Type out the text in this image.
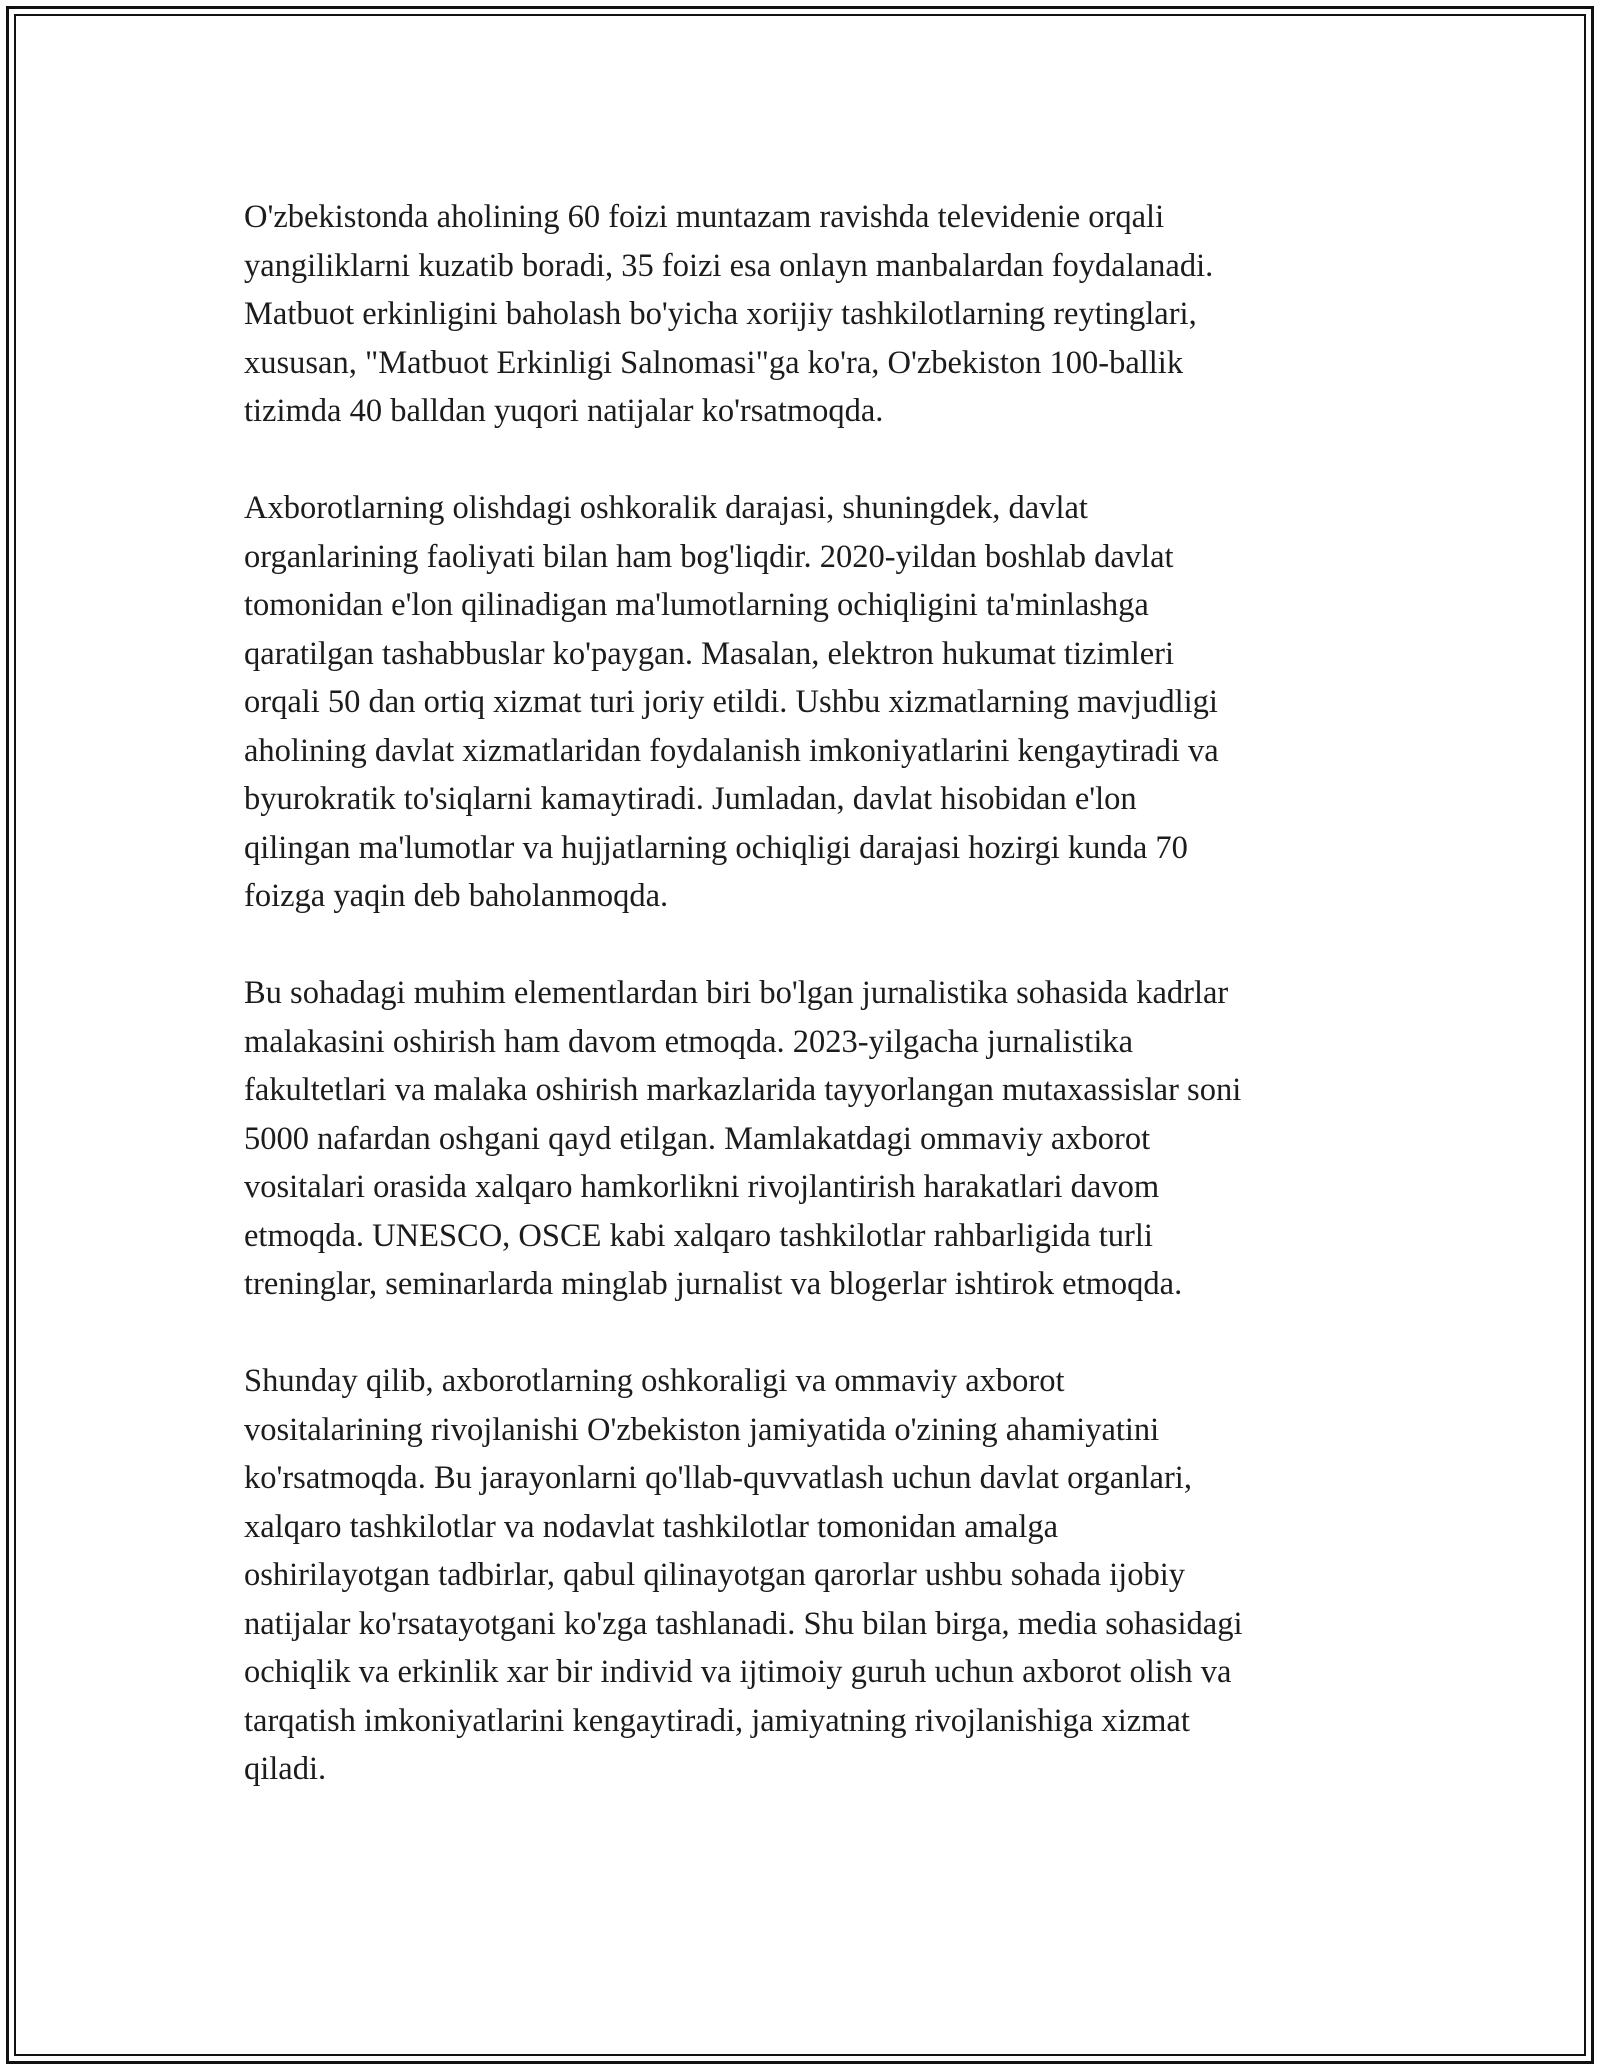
O'zbekistonda aholining 60 foizi muntazam ravishda televidenie orqali
yangiliklarni kuzatib boradi, 35 foizi esa onlayn manbalardan foydalanadi.
Matbuot erkinligini baholash bo'yicha xorijiy tashkilotlarning reytinglari,
xususan, "Matbuot Erkinligi Salnomasi"ga ko'ra, O'zbekiston 100-ballik
tizimda 40 balldan yuqori natijalar ko'rsatmoqda.

Axborotlarning olishdagi oshkoralik darajasi, shuningdek, davlat
organlarining faoliyati bilan ham bog'liqdir. 2020-yildan boshlab davlat
tomonidan e'lon qilinadigan ma'lumotlarning ochiqligini ta'minlashga
qaratilgan tashabbuslar ko'paygan. Masalan, elektron hukumat tizimleri
orqali 50 dan ortiq xizmat turi joriy etildi. Ushbu xizmatlarning mavjudligi
aholining davlat xizmatlaridan foydalanish imkoniyatlarini kengaytiradi va
byurokratik to'siqlarni kamaytiradi. Jumladan, davlat hisobidan e'lon
qilingan ma'lumotlar va hujjatlarning ochiqligi darajasi hozirgi kunda 70
foizga yaqin deb baholanmoqda.

Bu sohadagi muhim elementlardan biri bo'lgan jurnalistika sohasida kadrlar
malakasini oshirish ham davom etmoqda. 2023-yilgacha jurnalistika
fakultetlari va malaka oshirish markazlarida tayyorlangan mutaxassislar soni
5000 nafardan oshgani qayd etilgan. Mamlakatdagi ommaviy axborot
vositalari orasida xalqaro hamkorlikni rivojlantirish harakatlari davom
etmoqda. UNESCO, OSCE kabi xalqaro tashkilotlar rahbarligida turli
treninglar, seminarlarda minglab jurnalist va blogerlar ishtirok etmoqda.

Shunday qilib, axborotlarning oshkoraligi va ommaviy axborot
vositalarining rivojlanishi O'zbekiston jamiyatida o'zining ahamiyatini
ko'rsatmoqda. Bu jarayonlarni qo'llab-quvvatlash uchun davlat organlari,
xalqaro tashkilotlar va nodavlat tashkilotlar tomonidan amalga
oshirilayotgan tadbirlar, qabul qilinayotgan qarorlar ushbu sohada ijobiy
natijalar ko'rsatayotgani ko'zga tashlanadi. Shu bilan birga, media sohasidagi
ochiqlik va erkinlik xar bir individ va ijtimoiy guruh uchun axborot olish va
tarqatish imkoniyatlarini kengaytiradi, jamiyatning rivojlanishiga xizmat
qiladi.
